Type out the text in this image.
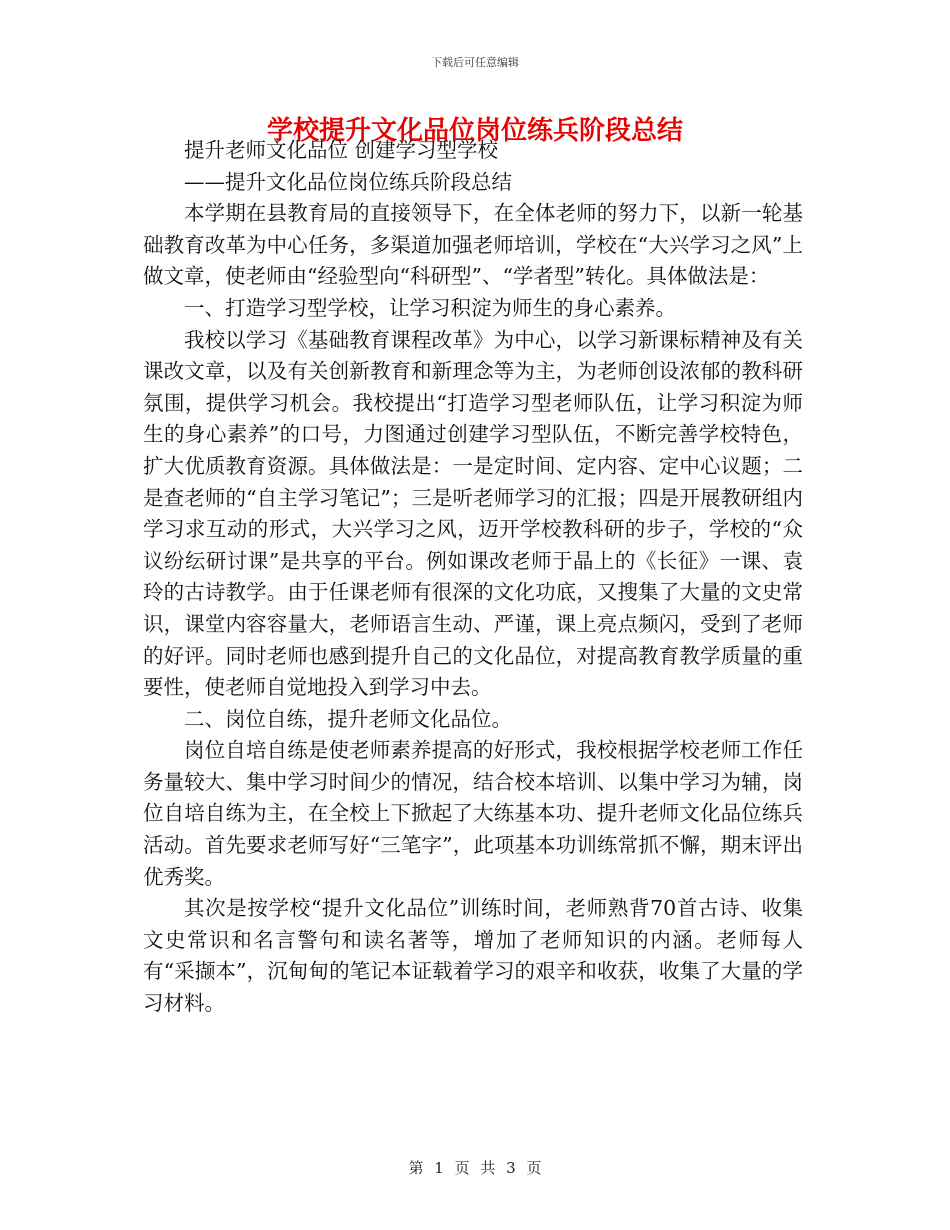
下载后可任意编辑
学校提升文化品位岗位练兵阶段总结

提升老师文化品位 创建学习型学校

——提升文化品位岗位练兵阶段总结

本学期在县教育局的直接领导下，在全体老师的努力下，以新一轮基础教育改革为中心任务，多渠道加强老师培训，学校在“大兴学习之风”上做文章，使老师由“经验型向“科研型”、“学者型”转化。具体做法是：

一、打造学习型学校，让学习积淀为师生的身心素养。

我校以学习《基础教育课程改革》为中心，以学习新课标精神及有关课改文章，以及有关创新教育和新理念等为主，为老师创设浓郁的教科研氛围，提供学习机会。我校提出“打造学习型老师队伍，让学习积淀为师生的身心素养”的口号，力图通过创建学习型队伍，不断完善学校特色，扩大优质教育资源。具体做法是：一是定时间、定内容、定中心议题；二是查老师的“自主学习笔记”；三是听老师学习的汇报；四是开展教研组内学习求互动的形式，大兴学习之风，迈开学校教科研的步子，学校的“众议纷纭研讨课”是共享的平台。例如课改老师于晶上的《长征》一课、袁玲的古诗教学。由于任课老师有很深的文化功底，又搜集了大量的文史常识，课堂内容容量大，老师语言生动、严谨，课上亮点频闪，受到了老师的好评。同时老师也感到提升自己的文化品位，对提高教育教学质量的重要性，使老师自觉地投入到学习中去。

二、岗位自练，提升老师文化品位。

岗位自培自练是使老师素养提高的好形式，我校根据学校老师工作任务量较大、集中学习时间少的情况，结合校本培训、以集中学习为辅，岗位自培自练为主，在全校上下掀起了大练基本功、提升老师文化品位练兵活动。首先要求老师写好“三笔字”，此项基本功训练常抓不懈，期末评出优秀奖。

其次是按学校“提升文化品位”训练时间，老师熟背70首古诗、收集文史常识和名言警句和读名著等，增加了老师知识的内涵。老师每人有“采撷本”，沉甸甸的笔记本证载着学习的艰辛和收获，收集了大量的学习材料。

第 1 页 共 3 页
